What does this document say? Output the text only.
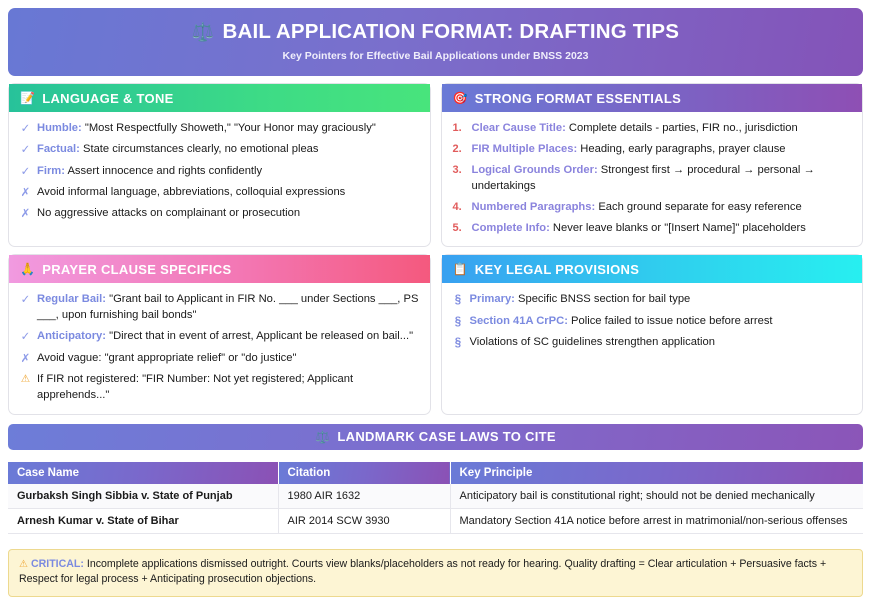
⚖️ BAIL APPLICATION FORMAT: DRAFTING TIPS
Key Pointers for Effective Bail Applications under BNSS 2023
📝 LANGUAGE & TONE
✓ Humble: "Most Respectfully Showeth," "Your Honor may graciously"
✓ Factual: State circumstances clearly, no emotional pleas
✓ Firm: Assert innocence and rights confidently
✗ Avoid informal language, abbreviations, colloquial expressions
✗ No aggressive attacks on complainant or prosecution
🎯 STRONG FORMAT ESSENTIALS
1. Clear Cause Title: Complete details - parties, FIR no., jurisdiction
2. FIR Multiple Places: Heading, early paragraphs, prayer clause
3. Logical Grounds Order: Strongest first → procedural → personal → undertakings
4. Numbered Paragraphs: Each ground separate for easy reference
5. Complete Info: Never leave blanks or "[Insert Name]" placeholders
🙏 PRAYER CLAUSE SPECIFICS
✓ Regular Bail: "Grant bail to Applicant in FIR No. ___ under Sections ___, PS ___, upon furnishing bail bonds"
✓ Anticipatory: "Direct that in event of arrest, Applicant be released on bail..."
✗ Avoid vague: "grant appropriate relief" or "do justice"
⚠ If FIR not registered: "FIR Number: Not yet registered; Applicant apprehends..."
📋 KEY LEGAL PROVISIONS
§ Primary: Specific BNSS section for bail type
§ Section 41A CrPC: Police failed to issue notice before arrest
§ Violations of SC guidelines strengthen application
⚖️ LANDMARK CASE LAWS TO CITE
Case Name	Citation	Key Principle
Gurbaksh Singh Sibbia v. State of Punjab	1980 AIR 1632	Anticipatory bail is constitutional right; should not be denied mechanically
Arnesh Kumar v. State of Bihar	AIR 2014 SCW 3930	Mandatory Section 41A notice before arrest in matrimonial/non-serious offenses
⚠ CRITICAL: Incomplete applications dismissed outright. Courts view blanks/placeholders as not ready for hearing. Quality drafting = Clear articulation + Persuasive facts + Respect for legal process + Anticipating prosecution objections.
